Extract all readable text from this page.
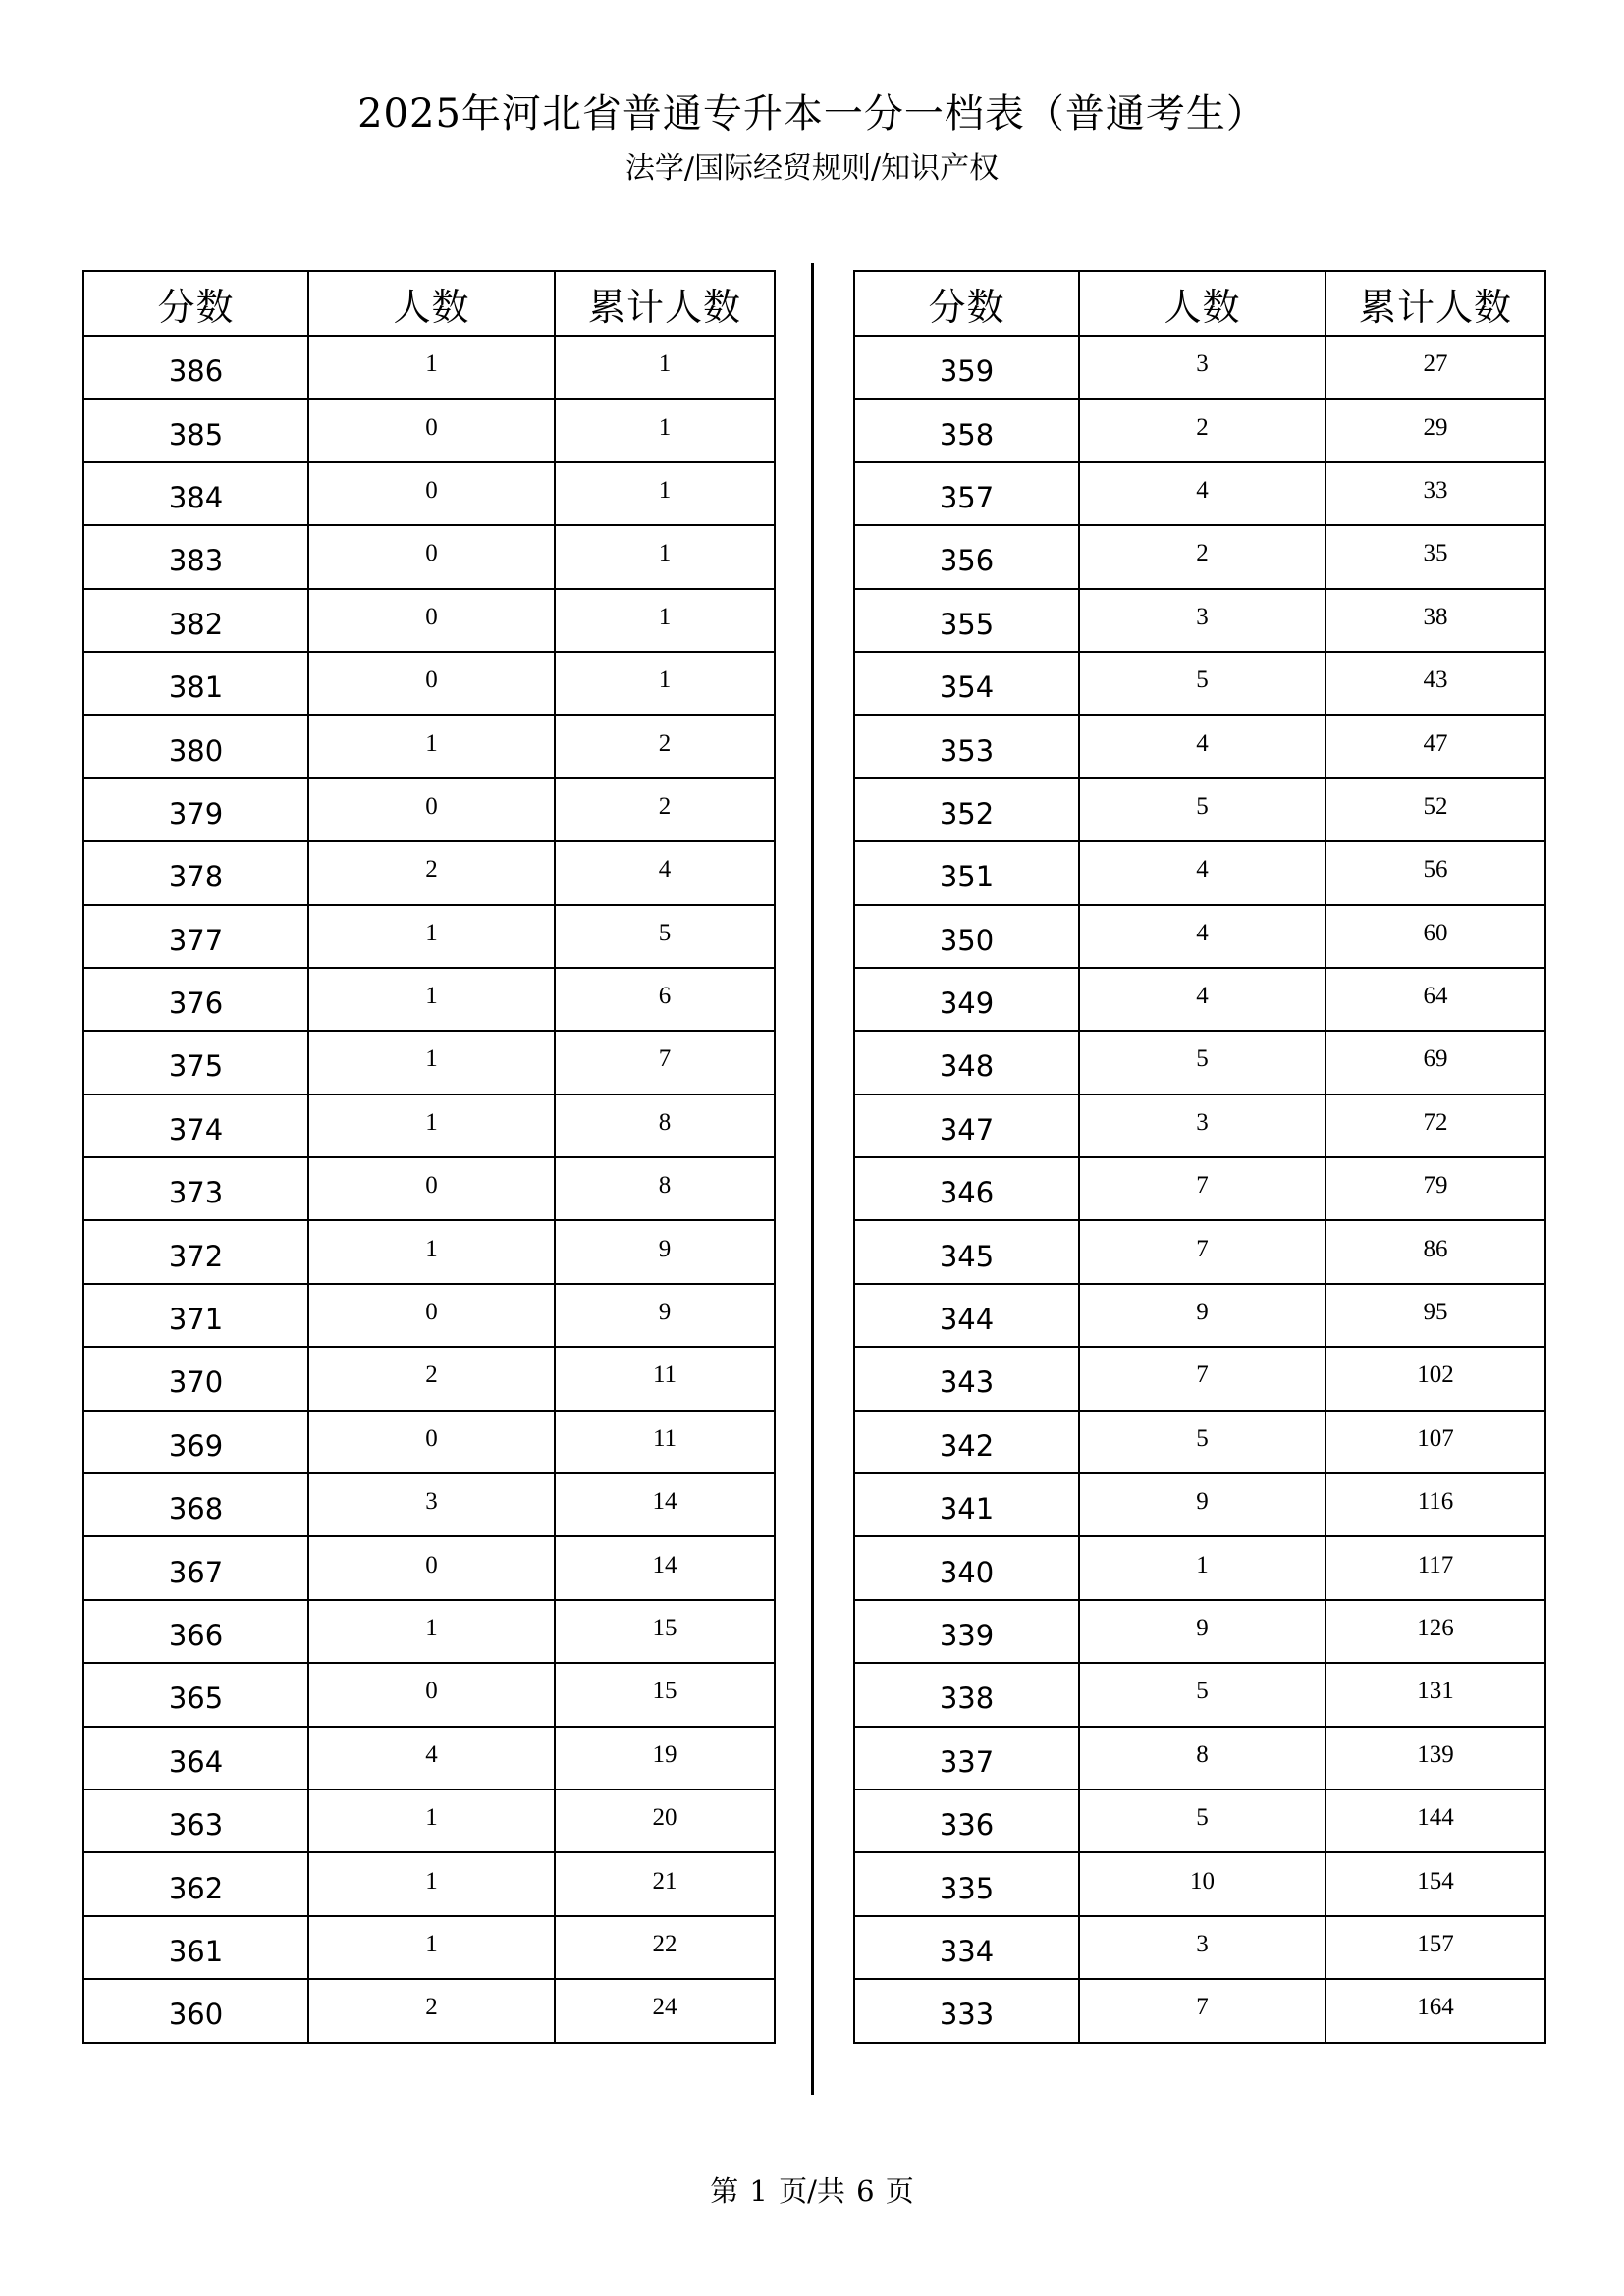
2025年河北省普通专升本一分一档表（普通考生）
法学/国际经贸规则/知识产权
分数	人数	累计人数
386	1	1
385	0	1
384	0	1
383	0	1
382	0	1
381	0	1
380	1	2
379	0	2
378	2	4
377	1	5
376	1	6
375	1	7
374	1	8
373	0	8
372	1	9
371	0	9
370	2	11
369	0	11
368	3	14
367	0	14
366	1	15
365	0	15
364	4	19
363	1	20
362	1	21
361	1	22
360	2	24
分数	人数	累计人数
359	3	27
358	2	29
357	4	33
356	2	35
355	3	38
354	5	43
353	4	47
352	5	52
351	4	56
350	4	60
349	4	64
348	5	69
347	3	72
346	7	79
345	7	86
344	9	95
343	7	102
342	5	107
341	9	116
340	1	117
339	9	126
338	5	131
337	8	139
336	5	144
335	10	154
334	3	157
333	7	164
第 1 页/共 6 页
